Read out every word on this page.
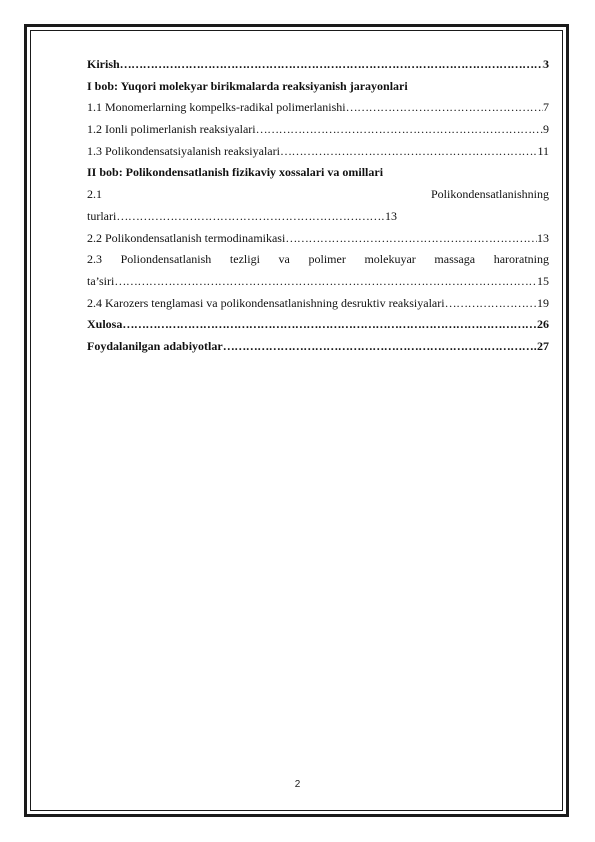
Kirish ……………………………………………………………………………………………………………………………………………………………………	3
I bob: Yuqori molekyar birikmalarda reaksiyanish jarayonlari
1.1 Monomerlarning kompelks-radikal polimerlanishi ……………………………………………………………………………………………………………………………………………………………………	7
1.2 Ionli polimerlanish reaksiyalari ……………………………………………………………………………………………………………………………………………………………………	9
1.3 Polikondensatsiyalanish reaksiyalari ……………………………………………………………………………………………………………………………………………………………………	11
II bob: Polikondensatlanish fizikaviy xossalari va omillari
2.1	Polikondensatlanishning
turlari ……………………………………………………………………………………………………………………………………………………………………	13
2.2 Polikondensatlanish termodinamikasi ……………………………………………………………………………………………………………………………………………………………………	13
2.3 Poliondensatlanish tezligi va polimer molekuyar massaga haroratning
ta’siri ……………………………………………………………………………………………………………………………………………………………………	15
2.4 Karozers tenglamasi va polikondensatlanishning desruktiv reaksiyalari ……………………………………………………………………………………………………………………………………………………………………	19
Xulosa ……………………………………………………………………………………………………………………………………………………………………	26
Foydalanilgan adabiyotlar ……………………………………………………………………………………………………………………………………………………………………	27
2
